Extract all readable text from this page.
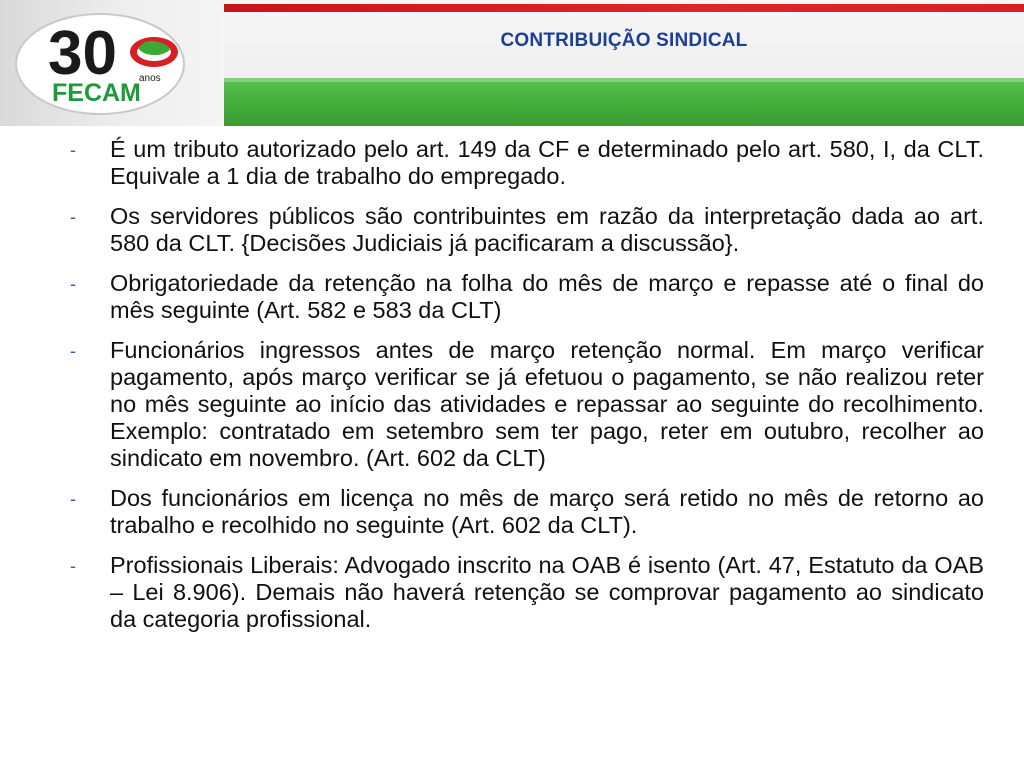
30 anos
FECAM
CONTRIBUIÇÃO SINDICAL
- É um tributo autorizado pelo art. 149 da CF e determinado pelo art. 580, I, da CLT. Equivale a 1 dia de trabalho do empregado.
- Os servidores públicos são contribuintes em razão da interpretação dada ao art. 580 da CLT. {Decisões Judiciais já pacificaram a discussão}.
- Obrigatoriedade da retenção na folha do mês de março e repasse até o final do mês seguinte (Art. 582 e 583 da CLT)
- Funcionários ingressos antes de março retenção normal. Em março verificar pagamento, após março verificar se já efetuou o pagamento, se não realizou reter no mês seguinte ao início das atividades e repassar ao seguinte do recolhimento. Exemplo: contratado em setembro sem ter pago, reter em outubro, recolher ao sindicato em novembro. (Art. 602 da CLT)
- Dos funcionários em licença no mês de março será retido no mês de retorno ao trabalho e recolhido no seguinte (Art. 602 da CLT).
- Profissionais Liberais: Advogado inscrito na OAB é isento (Art. 47, Estatuto da OAB – Lei 8.906). Demais não haverá retenção se comprovar pagamento ao sindicato da categoria profissional.
